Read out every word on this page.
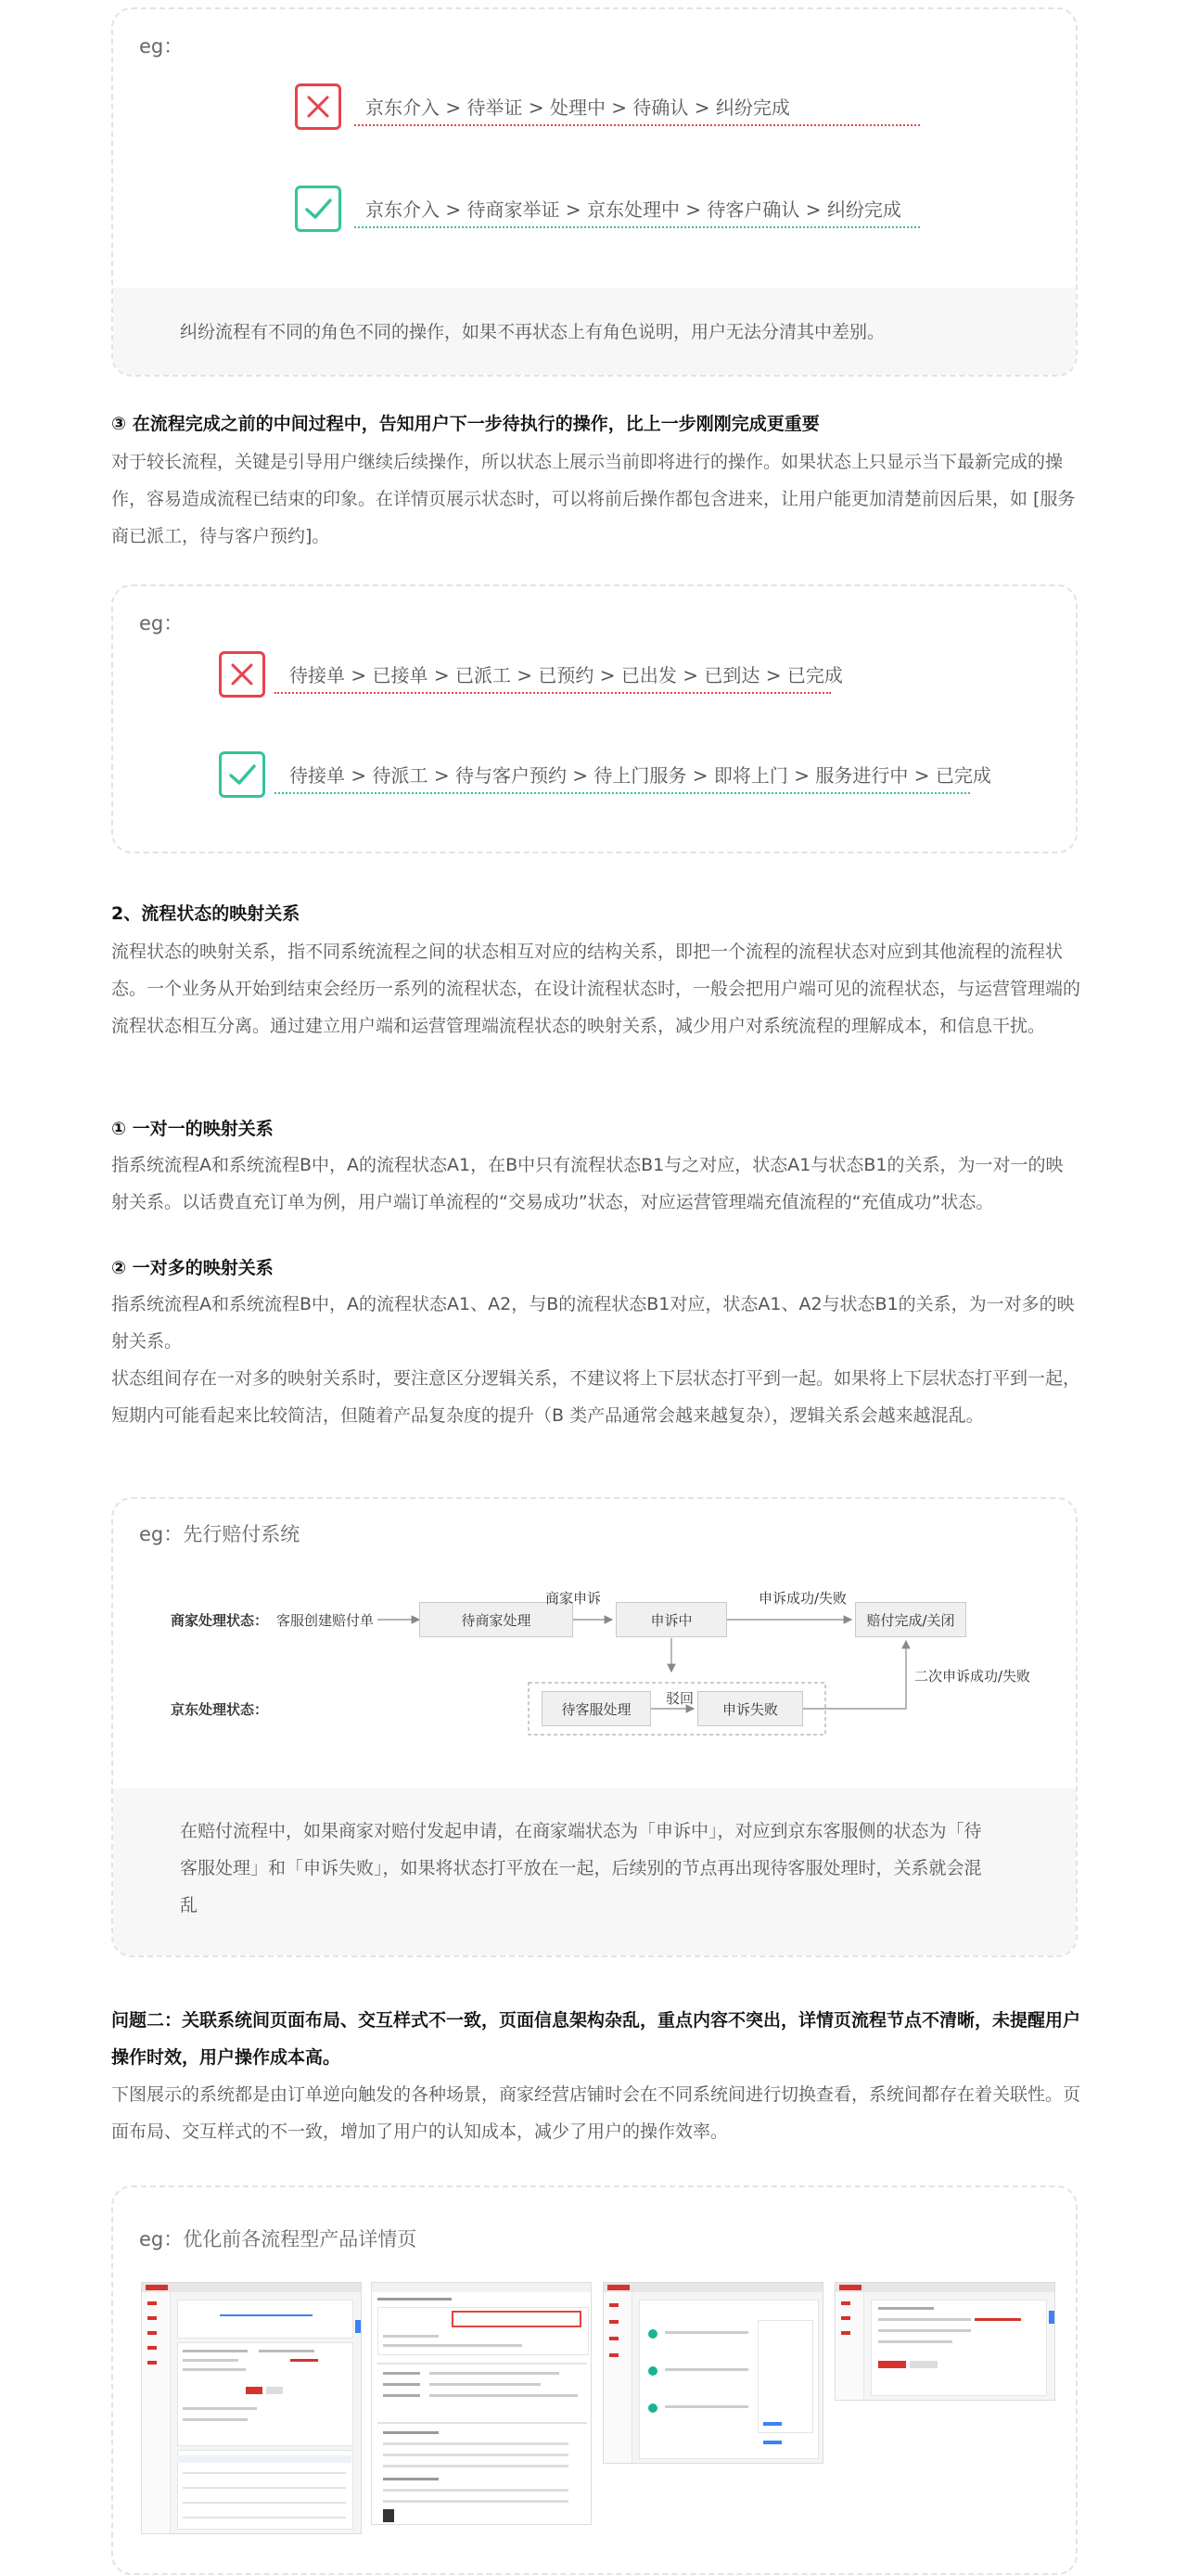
eg：
京东介入 > 待举证 > 处理中 > 待确认 > 纠纷完成
京东介入 > 待商家举证 > 京东处理中 > 待客户确认 > 纠纷完成
纠纷流程有不同的角色不同的操作，如果不再状态上有角色说明，用户无法分清其中差别。
③ 在流程完成之前的中间过程中，告知用户下一步待执行的操作，比上一步刚刚完成更重要
对于较长流程，关键是引导用户继续后续操作，所以状态上展示当前即将进行的操作。如果状态上只显示当下最新完成的操作，容易造成流程已结束的印象。在详情页展示状态时，可以将前后操作都包含进来，让用户能更加清楚前因后果，如 [服务商已派工，待与客户预约]。
eg：
待接单 > 已接单 > 已派工 > 已预约 > 已出发 > 已到达 > 已完成
待接单 > 待派工 > 待与客户预约 > 待上门服务 > 即将上门 > 服务进行中 > 已完成
2、流程状态的映射关系
流程状态的映射关系，指不同系统流程之间的状态相互对应的结构关系，即把一个流程的流程状态对应到其他流程的流程状态。一个业务从开始到结束会经历一系列的流程状态，在设计流程状态时，一般会把用户端可见的流程状态，与运营管理端的流程状态相互分离。通过建立用户端和运营管理端流程状态的映射关系，减少用户对系统流程的理解成本，和信息干扰。
① 一对一的映射关系
指系统流程A和系统流程B中，A的流程状态A1，在B中只有流程状态B1与之对应，状态A1与状态B1的关系，为一对一的映射关系。以话费直充订单为例，用户端订单流程的“交易成功”状态，对应运营管理端充值流程的“充值成功”状态。
② 一对多的映射关系
指系统流程A和系统流程B中，A的流程状态A1、A2，与B的流程状态B1对应，状态A1、A2与状态B1的关系，为一对多的映射关系。
状态组间存在一对多的映射关系时，要注意区分逻辑关系，不建议将上下层状态打平到一起。如果将上下层状态打平到一起，短期内可能看起来比较简洁，但随着产品复杂度的提升（B 类产品通常会越来越复杂），逻辑关系会越来越混乱。
eg：先行赔付系统
商家处理状态：
京东处理状态：
客服创建赔付单	待商家处理	申诉中	赔付完成/关闭
待客服处理	申诉失败
商家申诉	申诉成功/失败
驳回
二次申诉成功/失败
在赔付流程中，如果商家对赔付发起申请，在商家端状态为「申诉中」，对应到京东客服侧的状态为「待客服处理」和「申诉失败」，如果将状态打平放在一起，后续别的节点再出现待客服处理时，关系就会混乱
问题二：关联系统间页面布局、交互样式不一致，页面信息架构杂乱，重点内容不突出，详情页流程节点不清晰，未提醒用户操作时效，用户操作成本高。
下图展示的系统都是由订单逆向触发的各种场景，商家经营店铺时会在不同系统间进行切换查看，系统间都存在着关联性。页面布局、交互样式的不一致，增加了用户的认知成本，减少了用户的操作效率。
eg：优化前各流程型产品详情页
